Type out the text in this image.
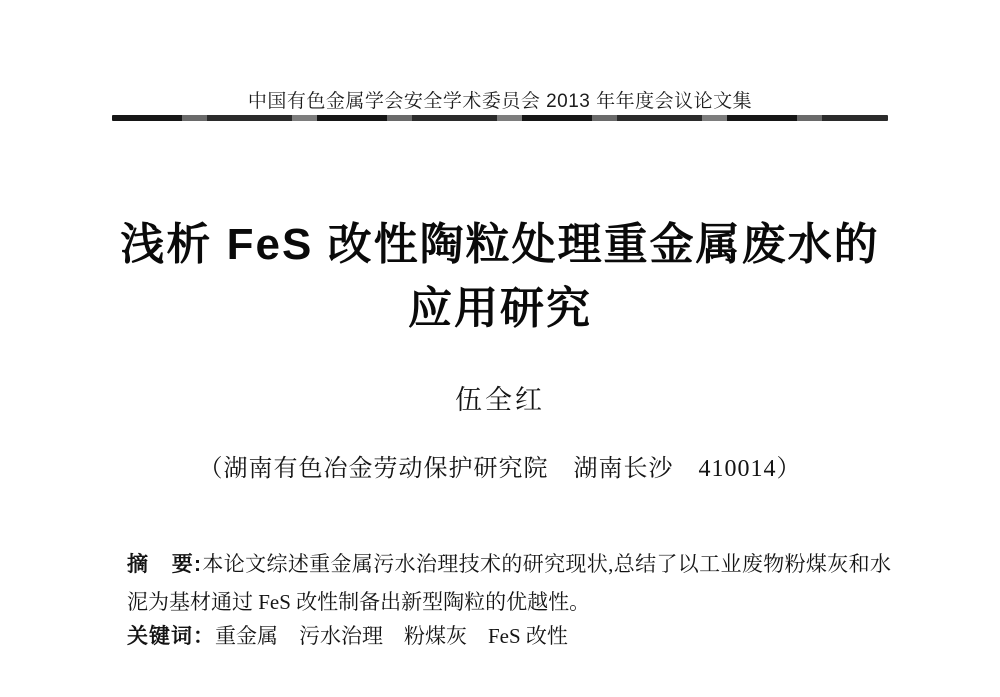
中国有色金属学会安全学术委员会 2013 年年度会议论文集
浅析 FeS 改性陶粒处理重金属废水的
应用研究
伍全红
（湖南有色冶金劳动保护研究院　湖南长沙　410014）
摘　要:本论文综述重金属污水治理技术的研究现状,总结了以工业废物粉煤灰和水泥为基材通过 FeS 改性制备出新型陶粒的优越性。
关键词：重金属　污水治理　粉煤灰　FeS 改性
